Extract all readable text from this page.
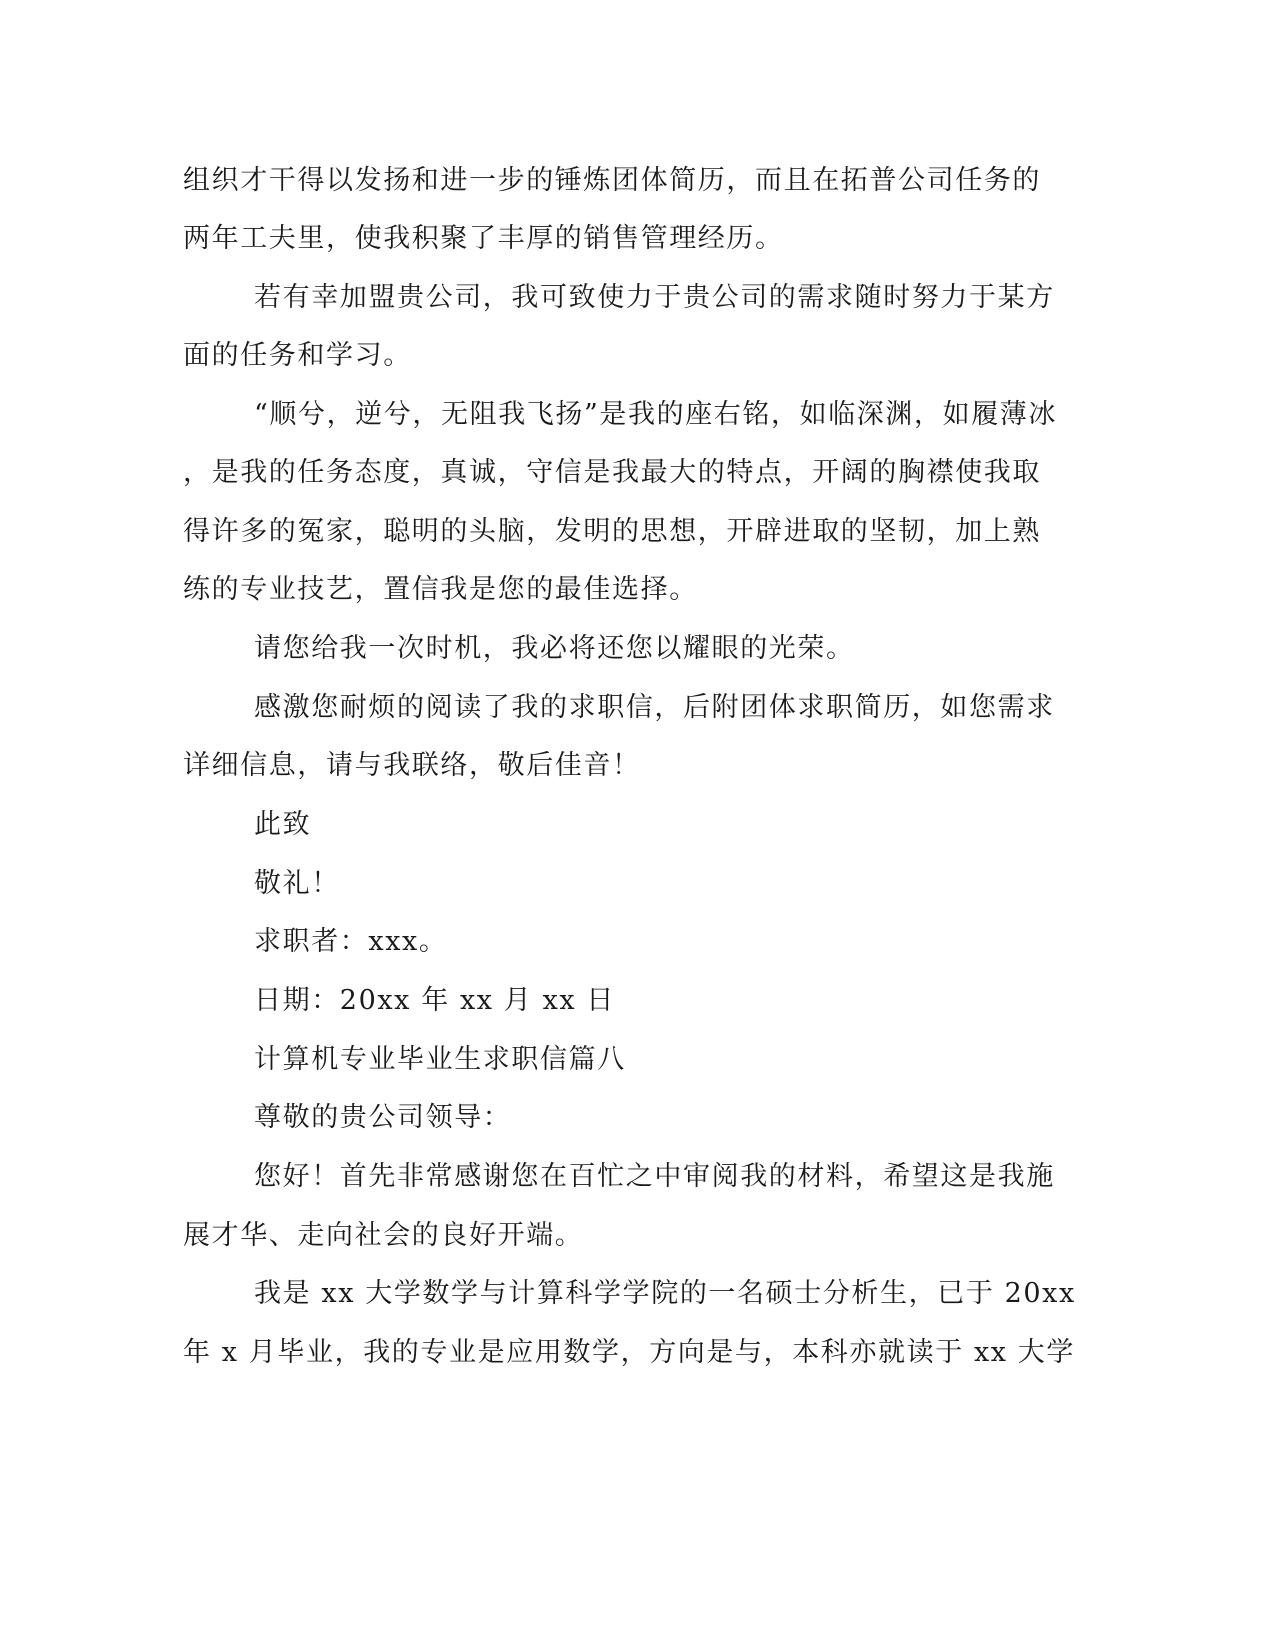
组织才干得以发扬和进一步的锤炼团体简历，而且在拓普公司任务的
两年工夫里，使我积聚了丰厚的销售管理经历。
若有幸加盟贵公司，我可致使力于贵公司的需求随时努力于某方
面的任务和学习。
“顺兮，逆兮，无阻我飞扬”是我的座右铭，如临深渊，如履薄冰
，是我的任务态度，真诚，守信是我最大的特点，开阔的胸襟使我取
得许多的冤家，聪明的头脑，发明的思想，开辟进取的坚韧，加上熟
练的专业技艺，置信我是您的最佳选择。
请您给我一次时机，我必将还您以耀眼的光荣。
感激您耐烦的阅读了我的求职信，后附团体求职简历，如您需求
详细信息，请与我联络，敬后佳音！
此致
敬礼！
求职者：xxx。
日期：20xx 年 xx 月 xx 日
计算机专业毕业生求职信篇八
尊敬的贵公司领导：
您好！首先非常感谢您在百忙之中审阅我的材料，希望这是我施
展才华、走向社会的良好开端。
我是 xx 大学数学与计算科学学院的一名硕士分析生，已于 20xx
年 x 月毕业，我的专业是应用数学，方向是与，本科亦就读于 xx 大学
